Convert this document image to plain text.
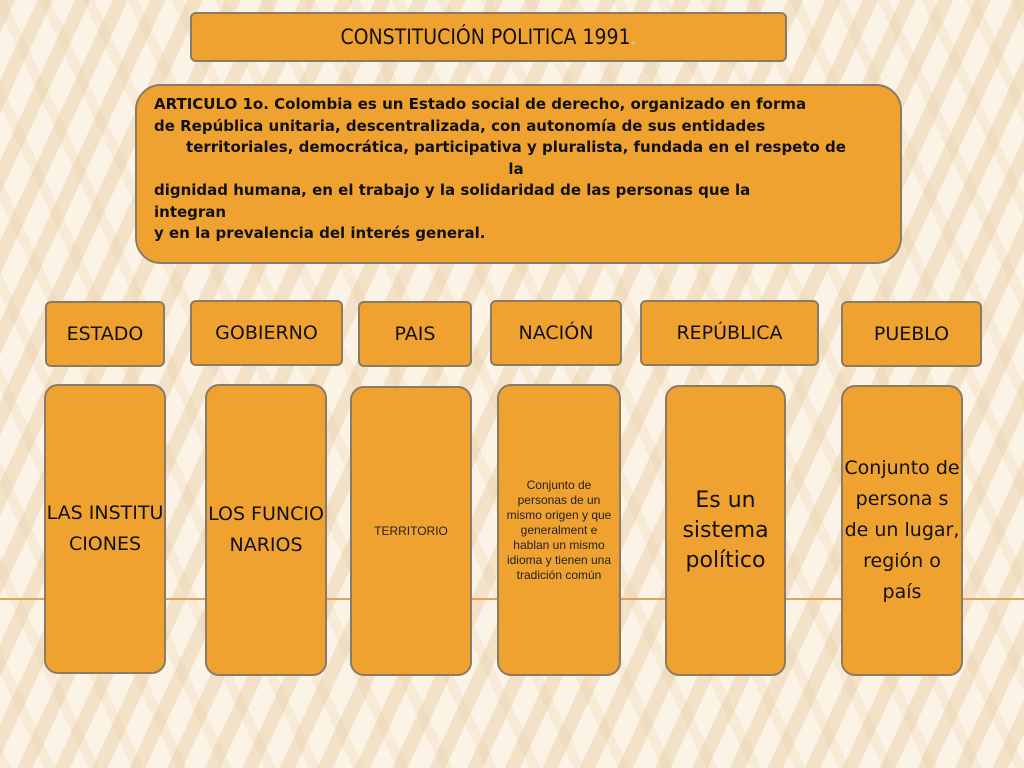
CONSTITUCIÓN POLITICA 1991 .
ARTICULO 1o. Colombia es un Estado social de derecho, organizado en forma
de República unitaria, descentralizada, con autonomía de sus entidades
territoriales, democrática, participativa y pluralista, fundada en el respeto de
la
dignidad humana, en el trabajo y la solidaridad de las personas que la
integran
y en la prevalencia del interés general.
ESTADO	GOBIERNO	PAIS	NACIÓN	REPÚBLICA	PUEBLO
LAS INSTITU CIONES
LOS FUNCIO NARIOS
TERRITORIO
Conjunto de personas de un mismo origen y que generalment e hablan un mismo idioma y tienen una tradición común
Es un sistema político
Conjunto de persona s de un lugar, región o país
